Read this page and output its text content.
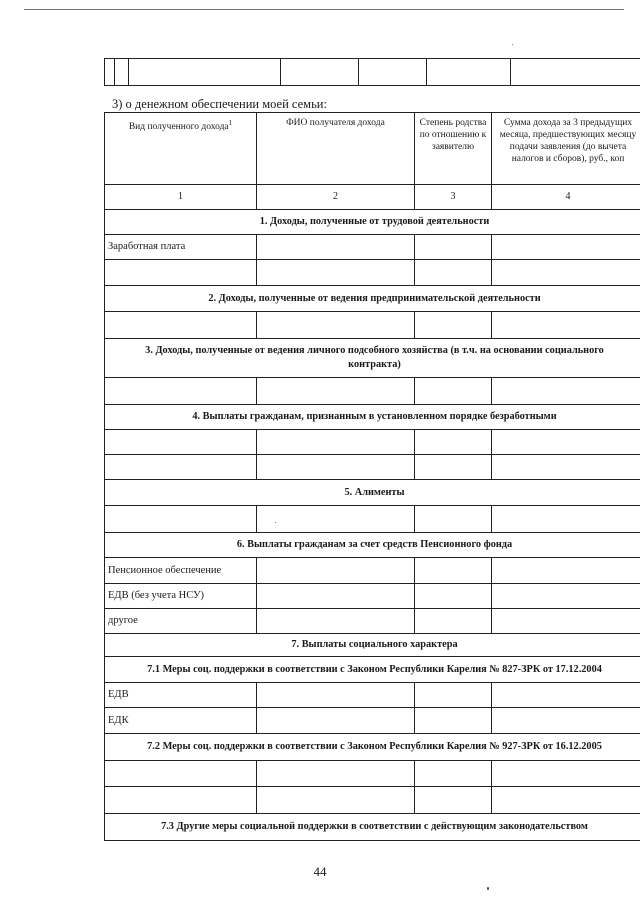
3) о денежном обеспечении моей семьи:
Вид полученного дохода$^1$	ФИО получателя дохода	Степень родства по отношению к заявителю	Сумма дохода за 3 предыдущих месяца, предшествующих месяцу подачи заявления (до вычета налогов и сборов), руб., коп
1	2	3	4
1. Доходы, полученные от трудовой деятельности			
Заработная плата			

2. Доходы, полученные от ведения предпринимательской деятельности			

3. Доходы, полученные от ведения личного подсобного хозяйства (в т.ч. на основании социального контракта)			

4. Выплаты гражданам, признанным в установленном порядке безработными			

5. Алименты			

6. Выплаты гражданам за счет средств Пенсионного фонда			
Пенсионное обеспечение			
ЕДВ (без учета НСУ)			
другое			
7. Выплаты социального характера			
7.1 Меры соц. поддержки в соответствии с Законом Республики Карелия № 827-ЗРК от 17.12.2004			
ЕДВ			
ЕДК			
7.2 Меры соц. поддержки в соответствии с Законом Республики Карелия № 927-ЗРК от 16.12.2005			

7.3 Другие меры социальной поддержки в соответствии с действующим законодательством			
44
